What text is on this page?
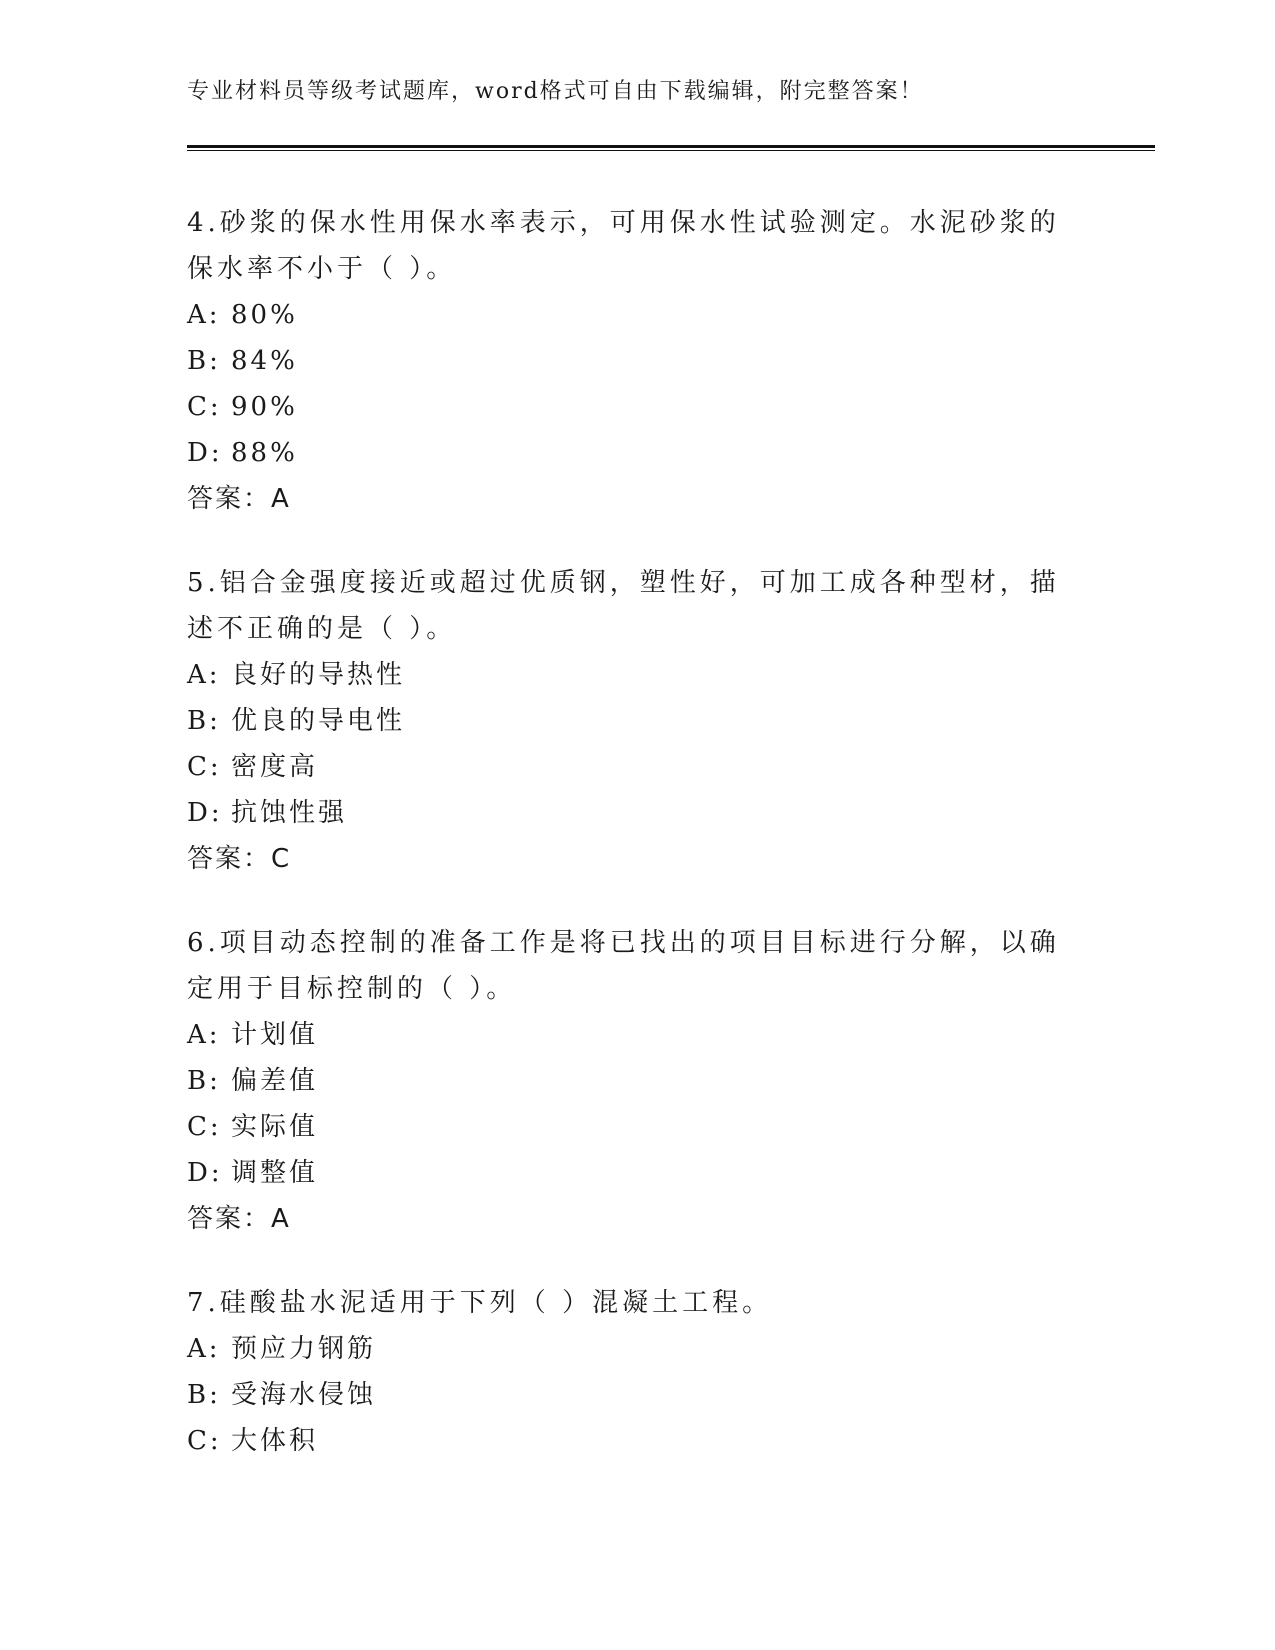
专业材料员等级考试题库，word格式可自由下载编辑，附完整答案！

4.砂浆的保水性用保水率表示，可用保水性试验测定。水泥砂浆的保水率不小于（ ）。

A: 80%

B: 84%

C: 90%

D: 88%

答案：A

5.铝合金强度接近或超过优质钢，塑性好，可加工成各种型材，描述不正确的是（ ）。

A: 良好的导热性

B: 优良的导电性

C: 密度高

D: 抗蚀性强

答案：C

6.项目动态控制的准备工作是将已找出的项目目标进行分解，以确定用于目标控制的（ ）。

A: 计划值

B: 偏差值

C: 实际值

D: 调整值

答案：A

7.硅酸盐水泥适用于下列（ ）混凝土工程。

A: 预应力钢筋

B: 受海水侵蚀

C: 大体积
